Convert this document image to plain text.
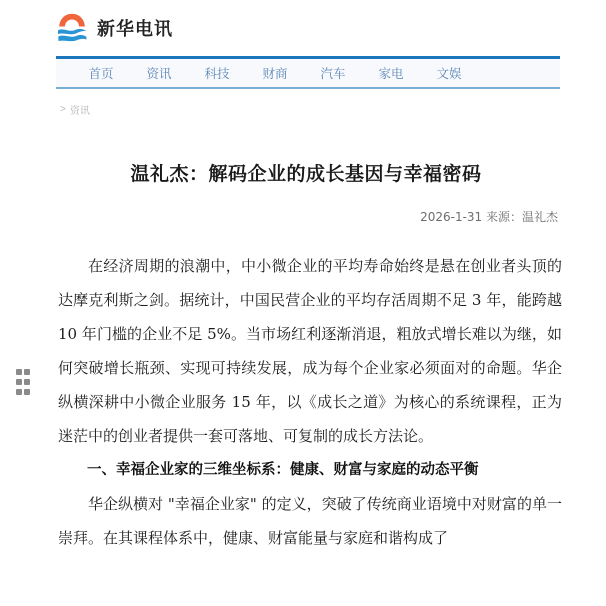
新华电讯
首页	资讯	科技	财商	汽车	家电	文娱
> 资讯
温礼杰：解码企业的成长基因与幸福密码
2026-1-31 来源：温礼杰

在经济周期的浪潮中，中小微企业的平均寿命始终是悬在创业者头顶的达摩克利斯之剑。据统计，中国民营企业的平均存活周期不足 3 年，能跨越 10 年门槛的企业不足 5%。当市场红利逐渐消退，粗放式增长难以为继，如何突破增长瓶颈、实现可持续发展，成为每个企业家必须面对的命题。华企纵横深耕中小微企业服务 15 年，以《成长之道》为核心的系统课程，正为迷茫中的创业者提供一套可落地、可复制的成长方法论。

一、幸福企业家的三维坐标系：健康、财富与家庭的动态平衡

华企纵横对 "幸福企业家" 的定义，突破了传统商业语境中对财富的单一崇拜。在其课程体系中，健康、财富能量与家庭和谐构成了
